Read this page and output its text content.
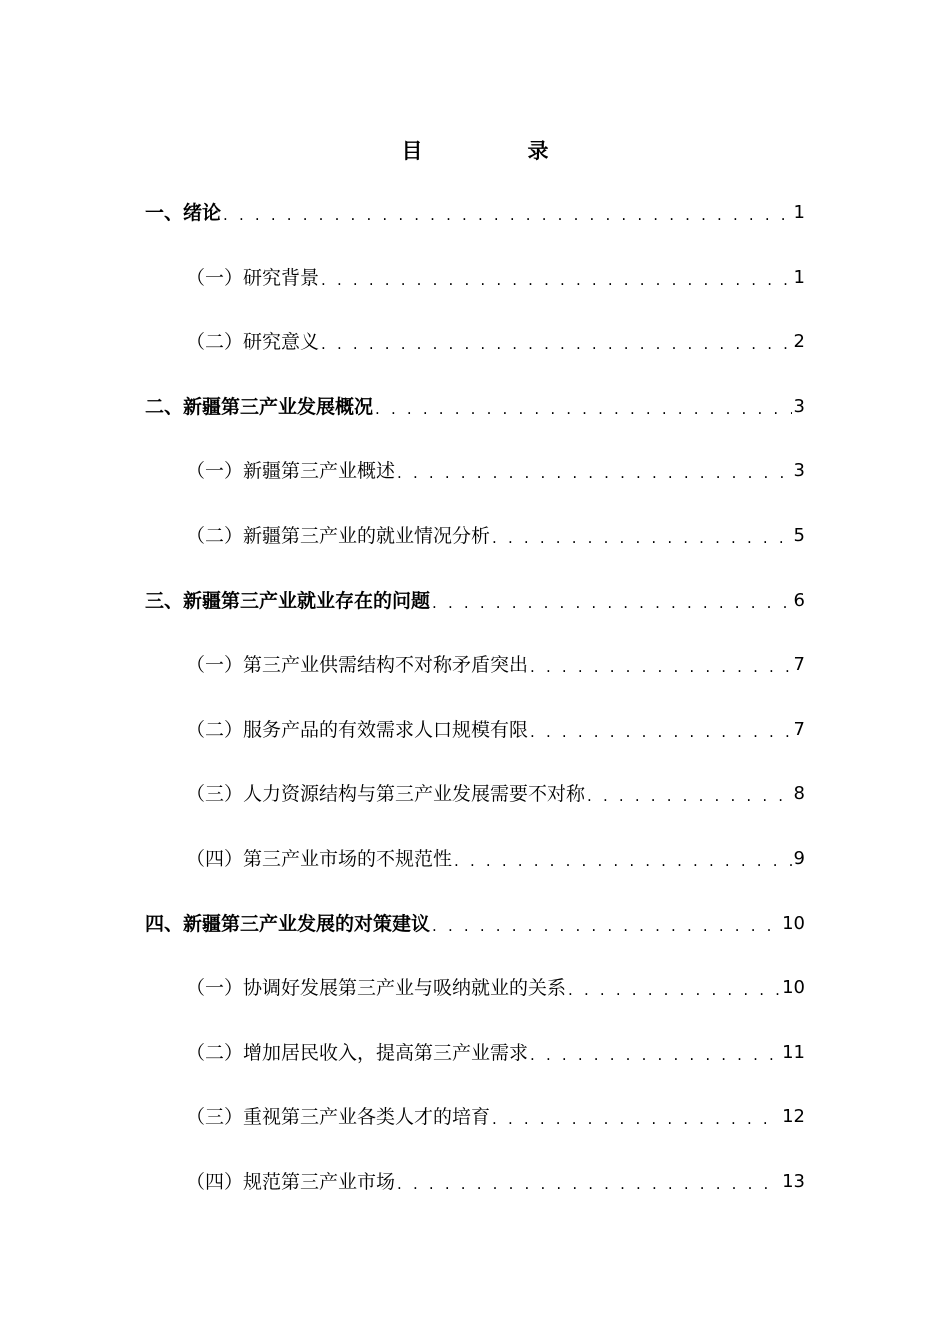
目　录
一、绪论 . . .	1
（一）研究背景 . . .	1
（二）研究意义 . . .	2
二、新疆第三产业发展概况 . . .	3
（一）新疆第三产业概述 . . .	3
（二）新疆第三产业的就业情况分析 . . .	5
三、新疆第三产业就业存在的问题 . . .	6
（一）第三产业供需结构不对称矛盾突出 . . .	7
（二）服务产品的有效需求人口规模有限 . . .	7
（三）人力资源结构与第三产业发展需要不对称 . . .	8
（四）第三产业市场的不规范性 . . .	9
四、新疆第三产业发展的对策建议 . . .	10
（一）协调好发展第三产业与吸纳就业的关系 . . .	10
（二）增加居民收入，提高第三产业需求 . . .	11
（三）重视第三产业各类人才的培育 . . .	12
（四）规范第三产业市场 . . .	13
